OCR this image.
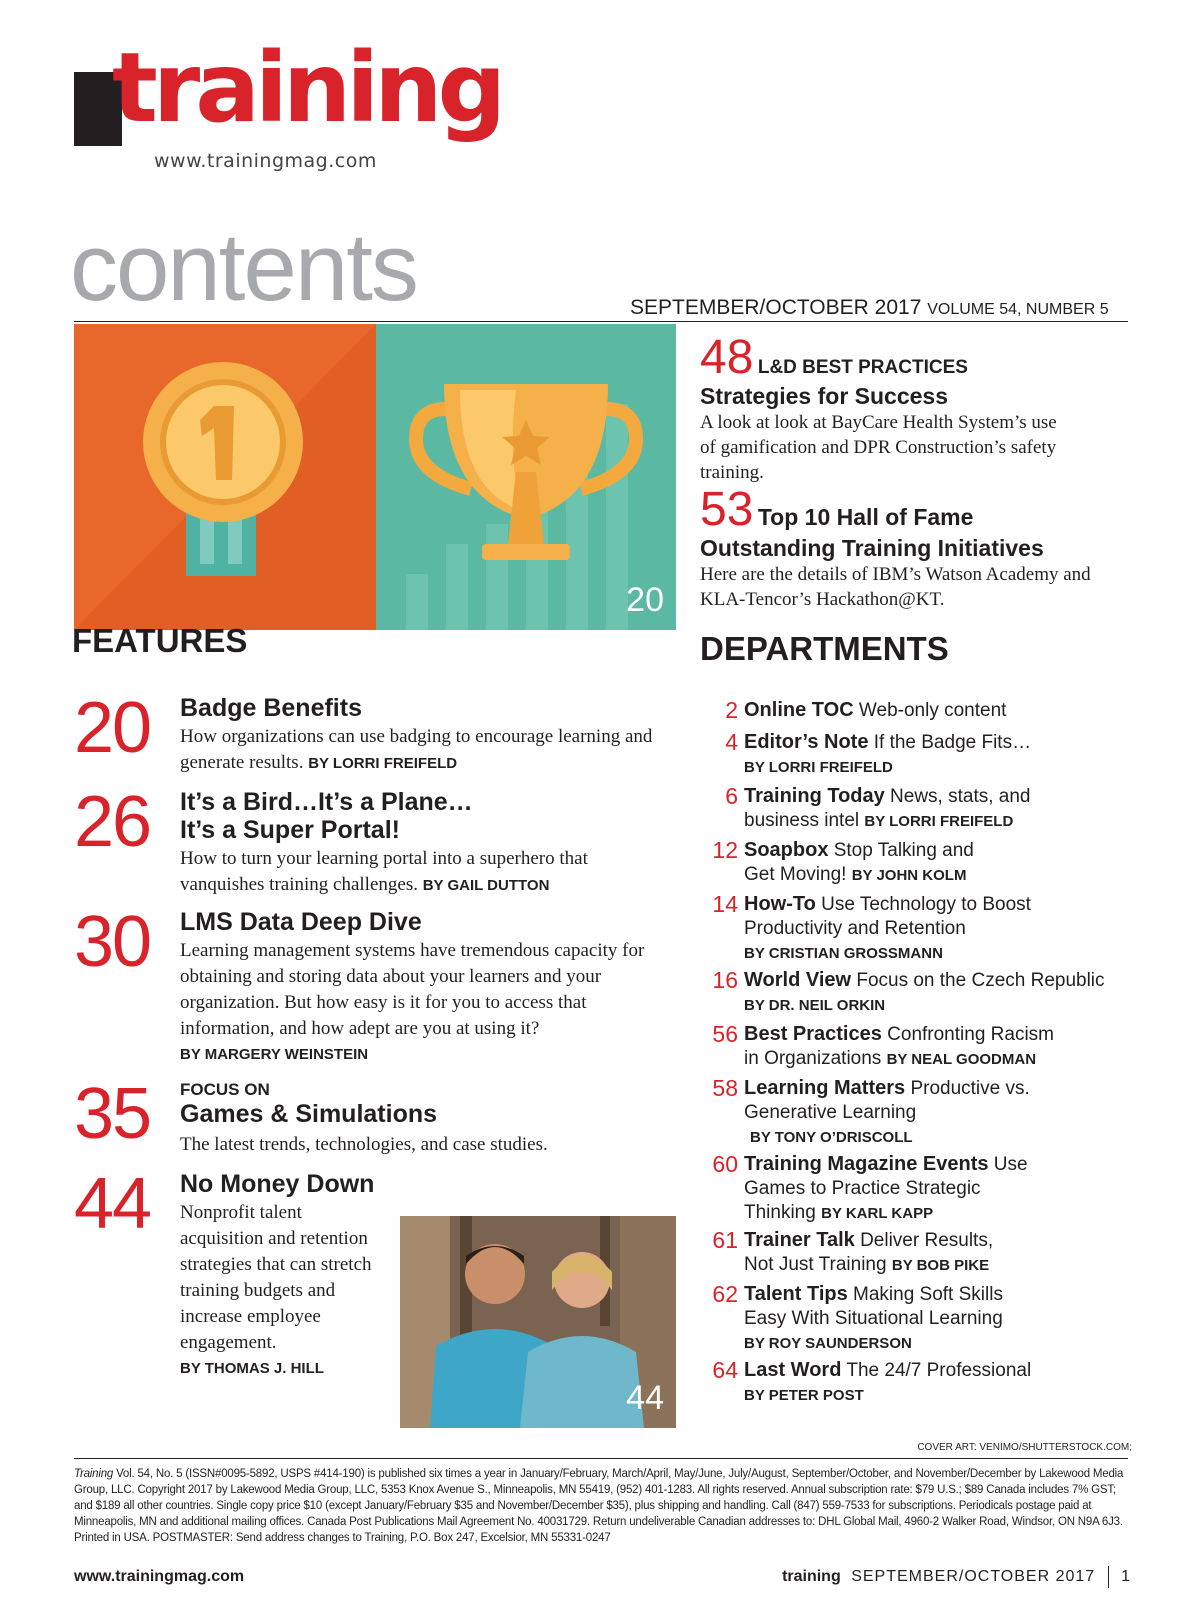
training
www.trainingmag.com
contents	SEPTEMBER/OCTOBER 2017 VOLUME 54, NUMBER 5
20
FEATURES
20 Badge Benefits
How organizations can use badging to encourage learning and generate results. BY LORRI FREIFELD
26 It’s a Bird…It’s a Plane…
It’s a Super Portal!
How to turn your learning portal into a superhero that vanquishes training challenges. BY GAIL DUTTON
30 LMS Data Deep Dive
Learning management systems have tremendous capacity for obtaining and storing data about your learners and your organization. But how easy is it for you to access that information, and how adept are you at using it?
BY MARGERY WEINSTEIN
35 FOCUS ON
Games & Simulations
The latest trends, technologies, and case studies.
44 No Money Down
Nonprofit talent acquisition and retention strategies that can stretch training budgets and increase employee engagement.
BY THOMAS J. HILL
44
48 L&D BEST PRACTICES
Strategies for Success
A look at look at BayCare Health System’s use of gamification and DPR Construction’s safety training.
53 Top 10 Hall of Fame
Outstanding Training Initiatives
Here are the details of IBM’s Watson Academy and KLA-Tencor’s Hackathon@KT.
DEPARTMENTS
2 Online TOC Web-only content
4 Editor’s Note If the Badge Fits…
BY LORRI FREIFELD
6 Training Today News, stats, and business intel BY LORRI FREIFELD
12 Soapbox Stop Talking and Get Moving! BY JOHN KOLM
14 How-To Use Technology to Boost Productivity and Retention
BY CRISTIAN GROSSMANN
16 World View Focus on the Czech Republic
BY DR. NEIL ORKIN
56 Best Practices Confronting Racism in Organizations BY NEAL GOODMAN
58 Learning Matters Productive vs. Generative Learning
BY TONY O’DRISCOLL
60 Training Magazine Events Use Games to Practice Strategic Thinking BY KARL KAPP
61 Trainer Talk Deliver Results, Not Just Training BY BOB PIKE
62 Talent Tips Making Soft Skills Easy With Situational Learning
BY ROY SAUNDERSON
64 Last Word The 24/7 Professional
BY PETER POST
COVER ART: VENIMO/SHUTTERSTOCK.COM;
Training Vol. 54, No. 5 (ISSN#0095-5892, USPS #414-190) is published six times a year in January/February, March/April, May/June, July/August, September/October, and November/December by Lakewood Media Group, LLC. Copyright 2017 by Lakewood Media Group, LLC, 5353 Knox Avenue S., Minneapolis, MN 55419, (952) 401-1283. All rights reserved. Annual subscription rate: $79 U.S.; $89 Canada includes 7% GST; and $189 all other countries. Single copy price $10 (except January/February $35 and November/December $35), plus shipping and handling. Call (847) 559-7533 for subscriptions. Periodicals postage paid at Minneapolis, MN and additional mailing offices. Canada Post Publications Mail Agreement No. 40031729. Return undeliverable Canadian addresses to: DHL Global Mail, 4960-2 Walker Road, Windsor, ON N9A 6J3. Printed in USA. POSTMASTER: Send address changes to Training, P.O. Box 247, Excelsior, MN 55331-0247
www.trainingmag.com	training SEPTEMBER/OCTOBER 2017 1
